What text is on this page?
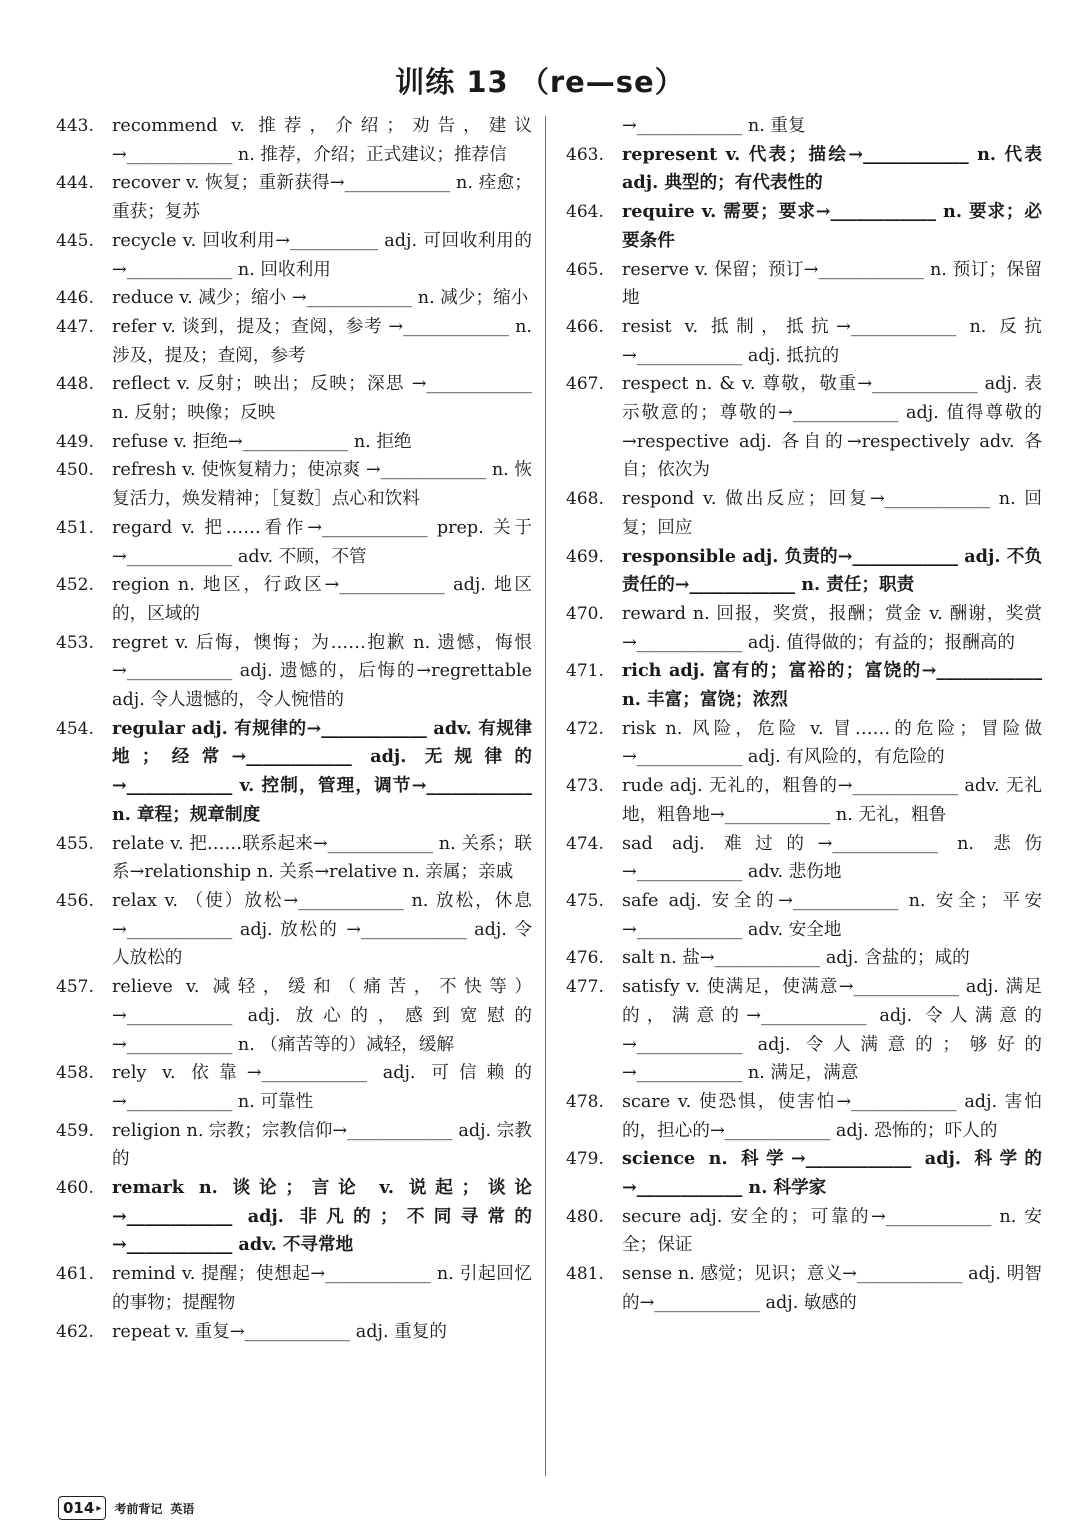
训练 13 （re—se）
443.	recommend v. 推荐，介绍；劝告，建议→____________ n. 推荐，介绍；正式建议；推荐信
444.	recover v. 恢复；重新获得→____________ n. 痊愈；重获；复苏
445.	recycle v. 回收利用→__________ adj. 可回收利用的→____________ n. 回收利用
446.	reduce v. 减少；缩小 →____________ n. 减少；缩小
447.	refer v. 谈到，提及；查阅，参考 →____________ n. 涉及，提及；查阅，参考
448.	reflect v. 反射；映出；反映；深思 →____________ n. 反射；映像；反映
449.	refuse v. 拒绝→____________ n. 拒绝
450.	refresh v. 使恢复精力；使凉爽 →____________ n. 恢复活力，焕发精神；［复数］点心和饮料
451.	regard v. 把……看作→____________ prep. 关于→____________ adv. 不顾，不管
452.	region n. 地区，行政区→____________ adj. 地区的，区域的
453.	regret v. 后悔，懊悔；为……抱歉 n. 遗憾，悔恨→____________ adj. 遗憾的，后悔的→regrettable adj. 令人遗憾的，令人惋惜的
454.	regular adj. 有规律的→____________ adv. 有规律地；经常→____________ adj. 无规律的→____________ v. 控制，管理，调节→____________ n. 章程；规章制度
455.	relate v. 把……联系起来→____________ n. 关系；联系→relationship n. 关系→relative n. 亲属；亲戚
456.	relax v. （使）放松→____________ n. 放松，休息 →____________ adj. 放松的 →____________ adj. 令人放松的
457.	relieve v. 减轻，缓和（痛苦，不快等）→____________ adj. 放心的，感到宽慰的→____________ n. （痛苦等的）减轻，缓解
458.	rely v. 依靠→____________ adj. 可信赖的→____________ n. 可靠性
459.	religion n. 宗教；宗教信仰→____________ adj. 宗教的
460.	remark n. 谈论；言论 v. 说起；谈论 →____________ adj. 非凡的；不同寻常的→____________ adv. 不寻常地
461.	remind v. 提醒；使想起→____________ n. 引起回忆的事物；提醒物
462.	repeat v. 重复→____________ adj. 重复的
→____________ n. 重复
463.	represent v. 代表；描绘→____________ n. 代表 adj. 典型的；有代表性的
464.	require v. 需要；要求→____________ n. 要求；必要条件
465.	reserve v. 保留；预订→____________ n. 预订；保留地
466.	resist v. 抵制，抵抗→____________ n. 反抗→____________ adj. 抵抗的
467.	respect n. & v. 尊敬，敬重→____________ adj. 表示敬意的；尊敬的→____________ adj. 值得尊敬的→respective adj. 各自的→respectively adv. 各自；依次为
468.	respond v. 做出反应；回复→____________ n. 回复；回应
469.	responsible adj. 负责的→____________ adj. 不负责任的→____________ n. 责任；职责
470.	reward n. 回报，奖赏，报酬；赏金 v. 酬谢，奖赏→____________ adj. 值得做的；有益的；报酬高的
471.	rich adj. 富有的；富裕的；富饶的→____________ n. 丰富；富饶；浓烈
472.	risk n. 风险，危险 v. 冒……的危险；冒险做→____________ adj. 有风险的，有危险的
473.	rude adj. 无礼的，粗鲁的→____________ adv. 无礼地，粗鲁地→____________ n. 无礼，粗鲁
474.	sad adj. 难过的→____________ n. 悲伤→____________ adv. 悲伤地
475.	safe adj. 安全的→____________ n. 安全；平安→____________ adv. 安全地
476.	salt n. 盐→____________ adj. 含盐的；咸的
477.	satisfy v. 使满足，使满意→____________ adj. 满足的，满意的→____________ adj. 令人满意的→____________ adj. 令人满意的；够好的→____________ n. 满足，满意
478.	scare v. 使恐惧，使害怕→____________ adj. 害怕的，担心的→____________ adj. 恐怖的；吓人的
479.	science n. 科学→____________ adj. 科学的→____________ n. 科学家
480.	secure adj. 安全的；可靠的→____________ n. 安全；保证
481.	sense n. 感觉；见识；意义→____________ adj. 明智的→____________ adj. 敏感的
014 ▸ 考前背记 英语
